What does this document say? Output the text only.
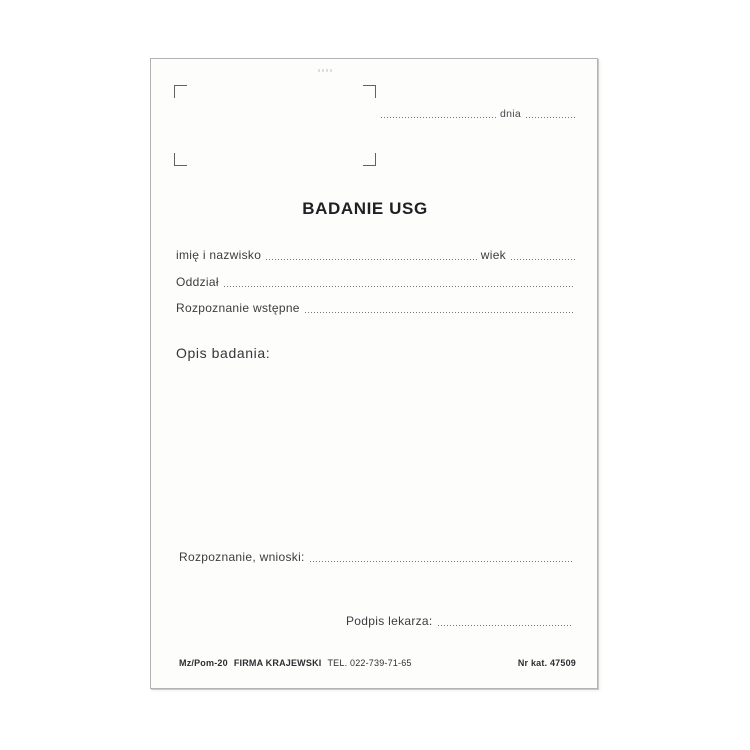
dnia
BADANIE USG
imię i nazwisko	wiek
Oddział
Rozpoznanie wstępne
Opis badania:
Rozpoznanie, wnioski:
Podpis lekarza:
Mz/Pom-20 FIRMA KRAJEWSKI TEL. 022-739-71-65	Nr kat. 47509
